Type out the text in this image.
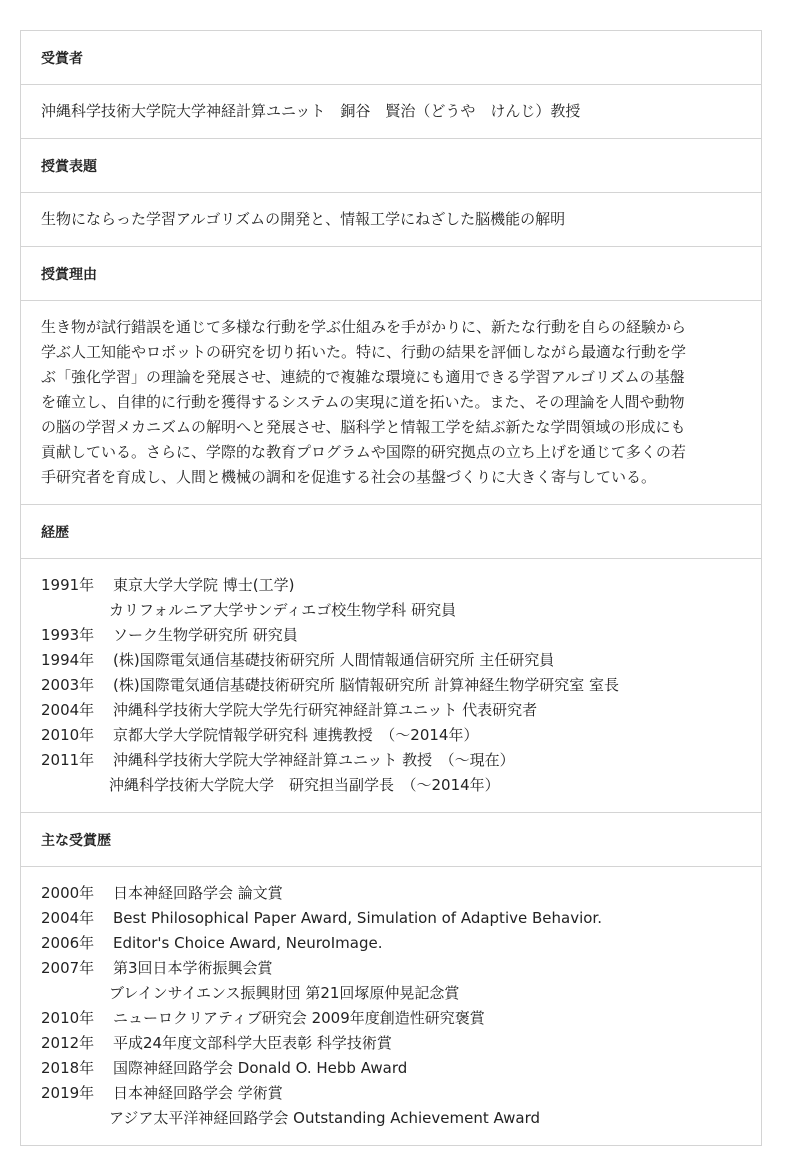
受賞者
沖縄科学技術大学院大学神経計算ユニット　銅谷　賢治（どうや　けんじ）教授
授賞表題
生物にならった学習アルゴリズムの開発と、情報工学にねざした脳機能の解明
授賞理由
生き物が試行錯誤を通じて多様な行動を学ぶ仕組みを手がかりに、新たな行動を自らの経験から
学ぶ人工知能やロボットの研究を切り拓いた。特に、行動の結果を評価しながら最適な行動を学
ぶ「強化学習」の理論を発展させ、連続的で複雑な環境にも適用できる学習アルゴリズムの基盤
を確立し、自律的に行動を獲得するシステムの実現に道を拓いた。また、その理論を人間や動物
の脳の学習メカニズムの解明へと発展させ、脳科学と情報工学を結ぶ新たな学問領域の形成にも
貢献している。さらに、学際的な教育プログラムや国際的研究拠点の立ち上げを通じて多くの若
手研究者を育成し、人間と機械の調和を促進する社会の基盤づくりに大きく寄与している。
経歴
1991年	東京大学大学院 博士(工学)
カリフォルニア大学サンディエゴ校生物学科 研究員
1993年	ソーク生物学研究所 研究員
1994年	(株)国際電気通信基礎技術研究所 人間情報通信研究所 主任研究員
2003年	(株)国際電気通信基礎技術研究所 脳情報研究所 計算神経生物学研究室 室長
2004年	沖縄科学技術大学院大学先行研究神経計算ユニット 代表研究者
2010年	京都大学大学院情報学研究科 連携教授　（～2014年）
2011年	沖縄科学技術大学院大学神経計算ユニット 教授　（～現在）
沖縄科学技術大学院大学　研究担当副学長　（～2014年）
主な受賞歴
2000年	日本神経回路学会 論文賞
2004年	Best Philosophical Paper Award, Simulation of Adaptive Behavior.
2006年	Editor's Choice Award, NeuroImage.
2007年	第3回日本学術振興会賞
ブレインサイエンス振興財団 第21回塚原仲晃記念賞
2010年	ニューロクリアティブ研究会 2009年度創造性研究褒賞
2012年	平成24年度文部科学大臣表彰 科学技術賞
2018年	国際神経回路学会 Donald O. Hebb Award
2019年	日本神経回路学会 学術賞
アジア太平洋神経回路学会 Outstanding Achievement Award
